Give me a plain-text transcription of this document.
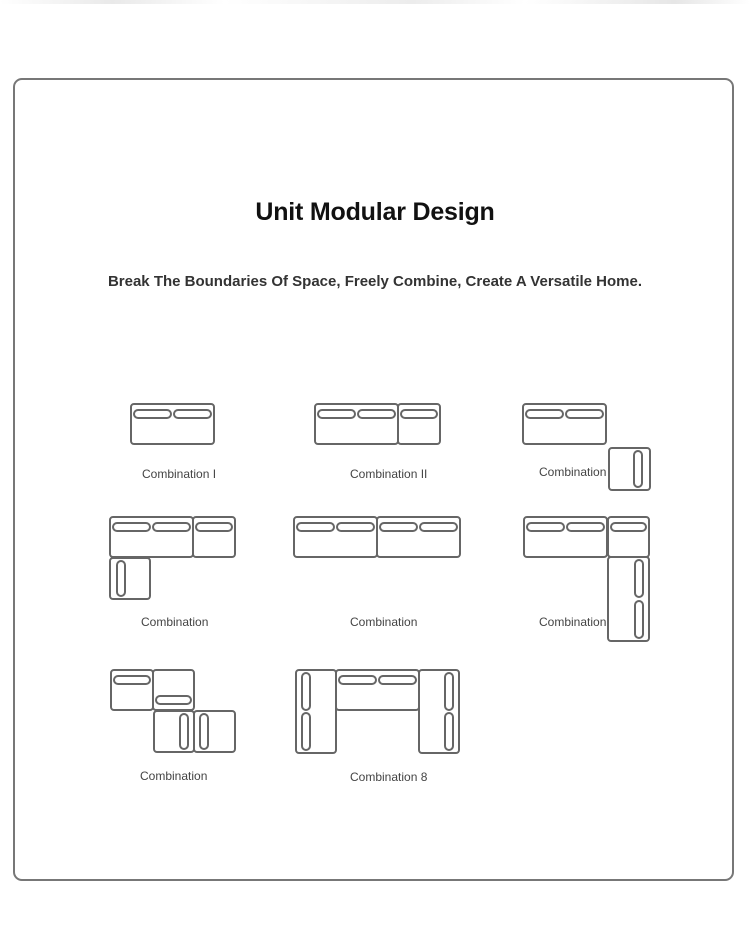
Unit Modular Design

Break The Boundaries Of Space, Freely Combine, Create A Versatile Home.

Combination I	Combination II	Combination
Combination	Combination	Combination
Combination	Combination 8
